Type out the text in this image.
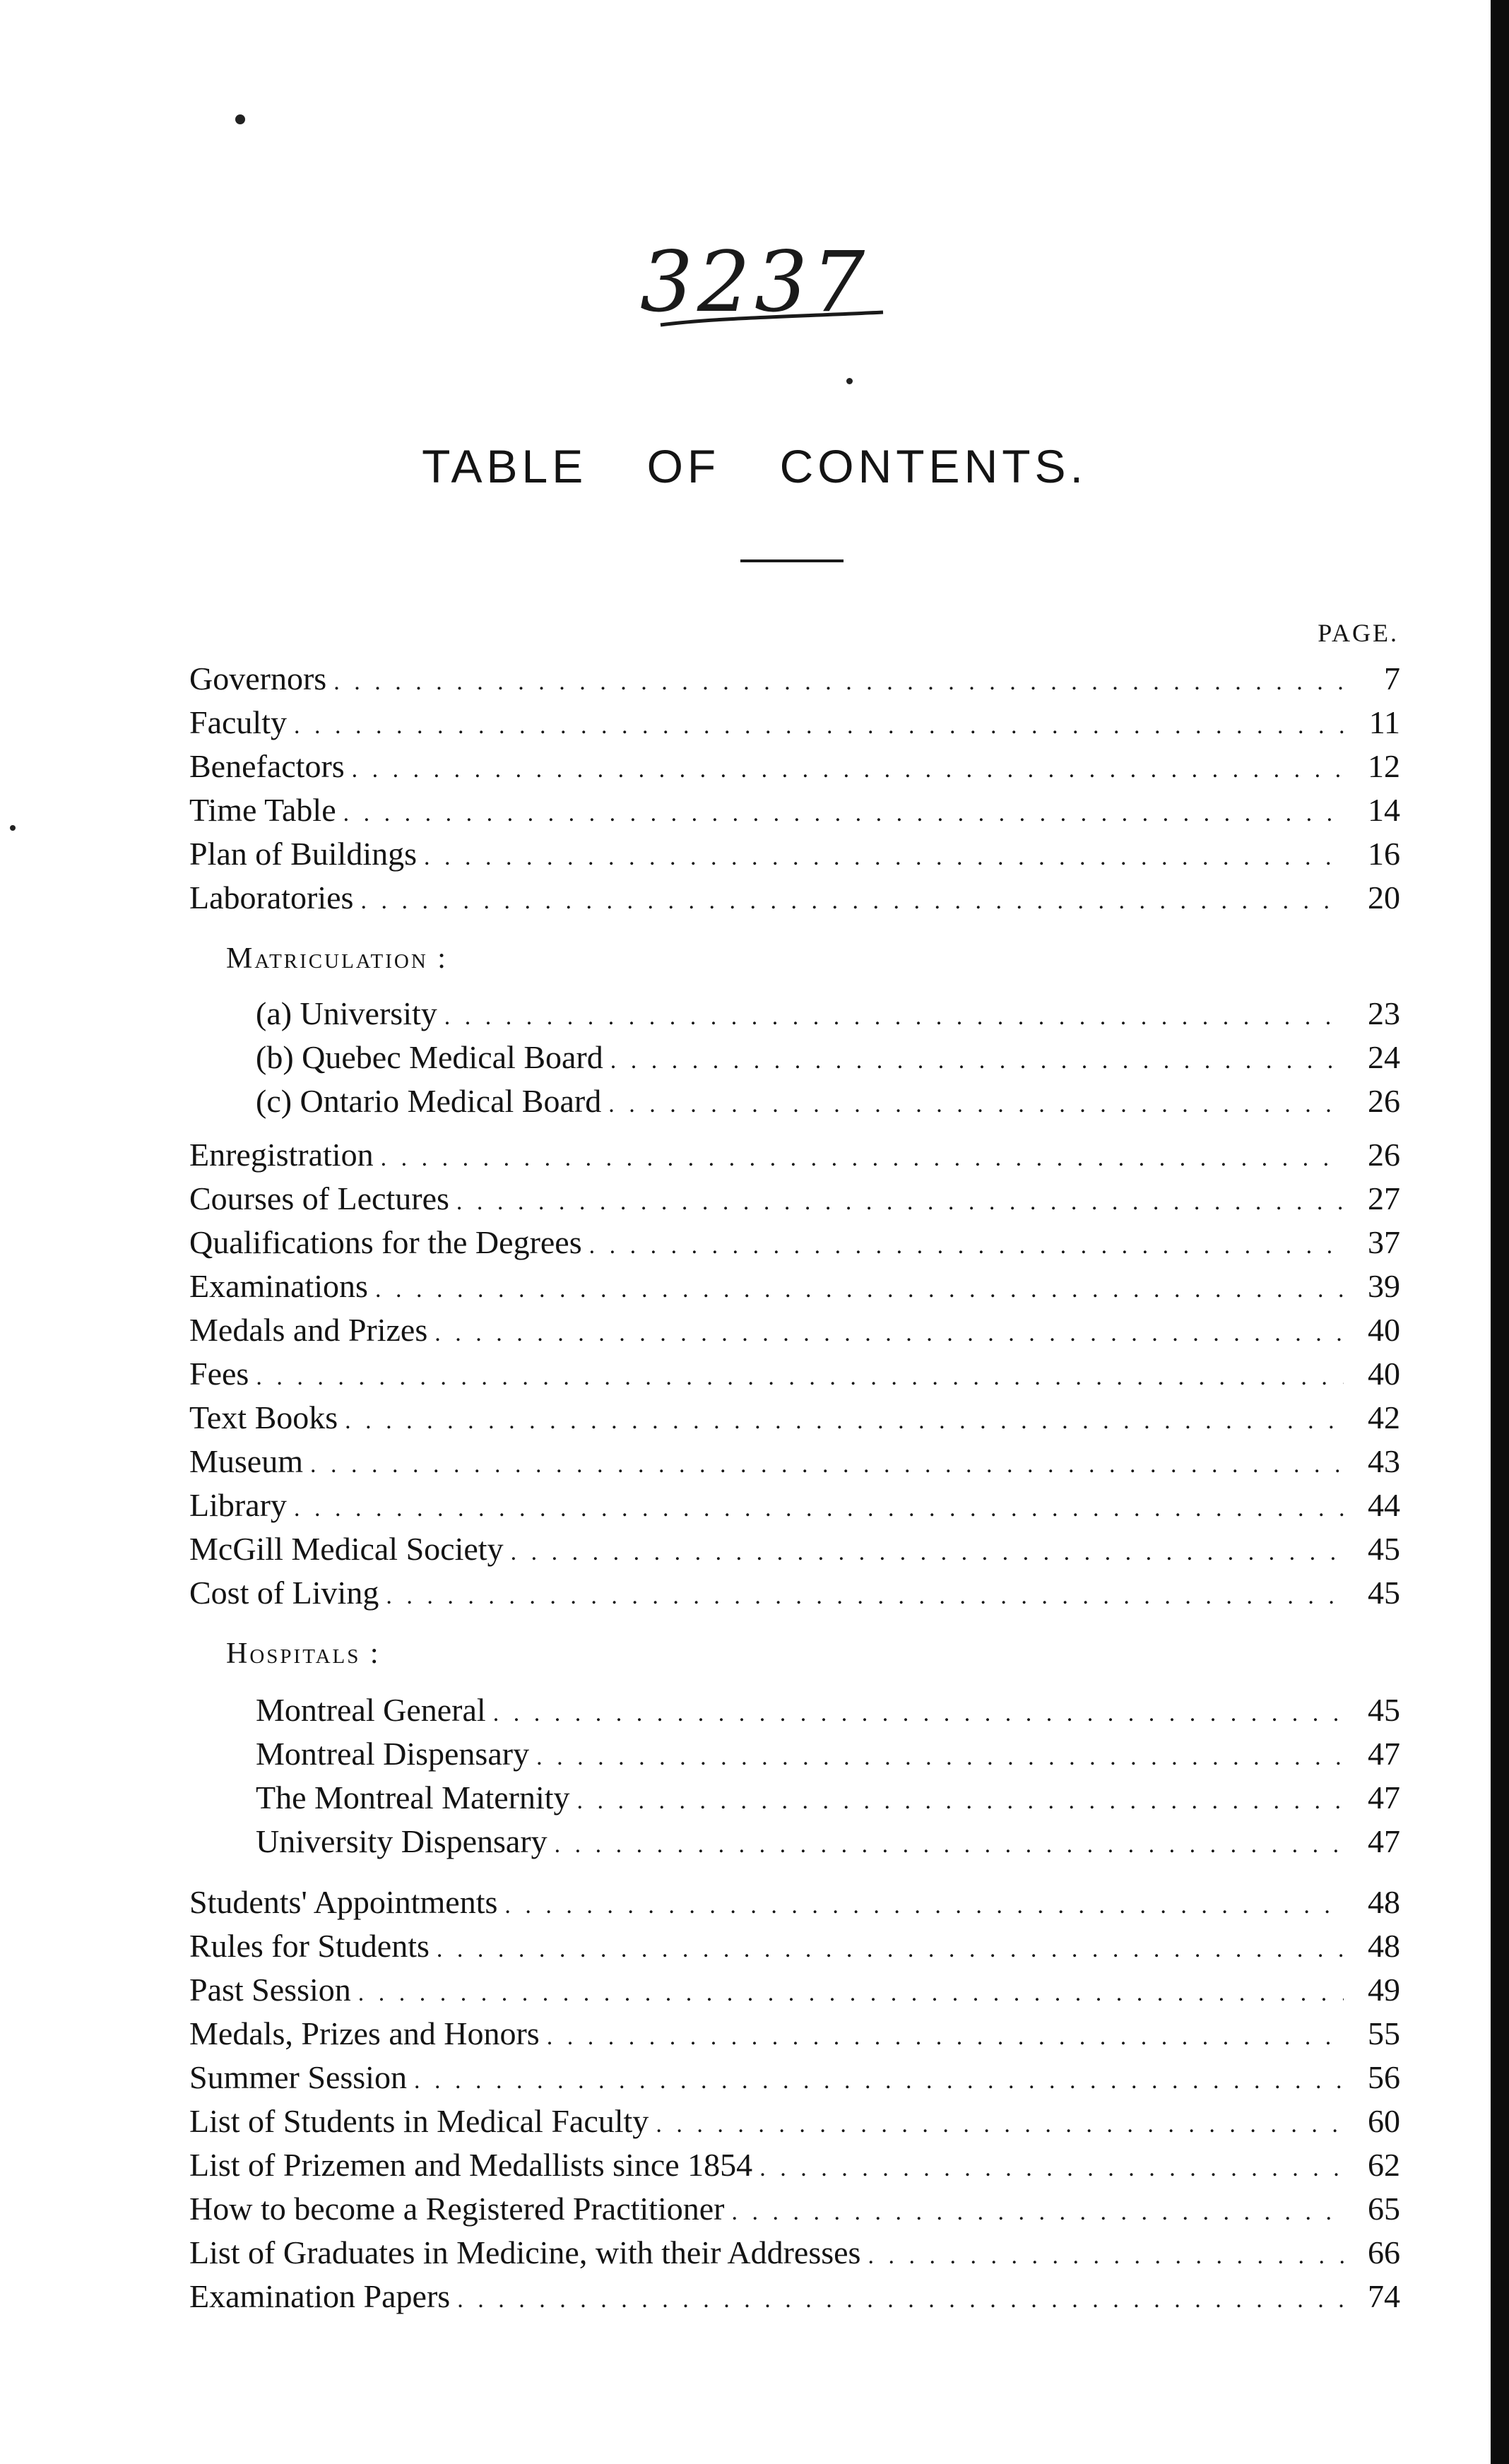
3237
TABLE OF CONTENTS.
PAGE.
Governors . . .	7
Faculty . . .	11
Benefactors . . .	12
Time Table . . .	14
Plan of Buildings . . .	16
Laboratories . . .	20
Matriculation :
(a) University . . .	23
(b) Quebec Medical Board . . .	24
(c) Ontario Medical Board . . .	26
Enregistration . . .	26
Courses of Lectures . . .	27
Qualifications for the Degrees . . .	37
Examinations . . .	39
Medals and Prizes . . .	40
Fees . . .	40
Text Books . . .	42
Museum . . .	43
Library . . .	44
McGill Medical Society . . .	45
Cost of Living . . .	45
Hospitals :
Montreal General . . .	45
Montreal Dispensary . . .	47
The Montreal Maternity . . .	47
University Dispensary . . .	47
Students' Appointments . . .	48
Rules for Students . . .	48
Past Session . . .	49
Medals, Prizes and Honors . . .	55
Summer Session . . .	56
List of Students in Medical Faculty . . .	60
List of Prizemen and Medallists since 1854 . . .	62
How to become a Registered Practitioner . . .	65
List of Graduates in Medicine, with their Addresses . . .	66
Examination Papers . . .	74
